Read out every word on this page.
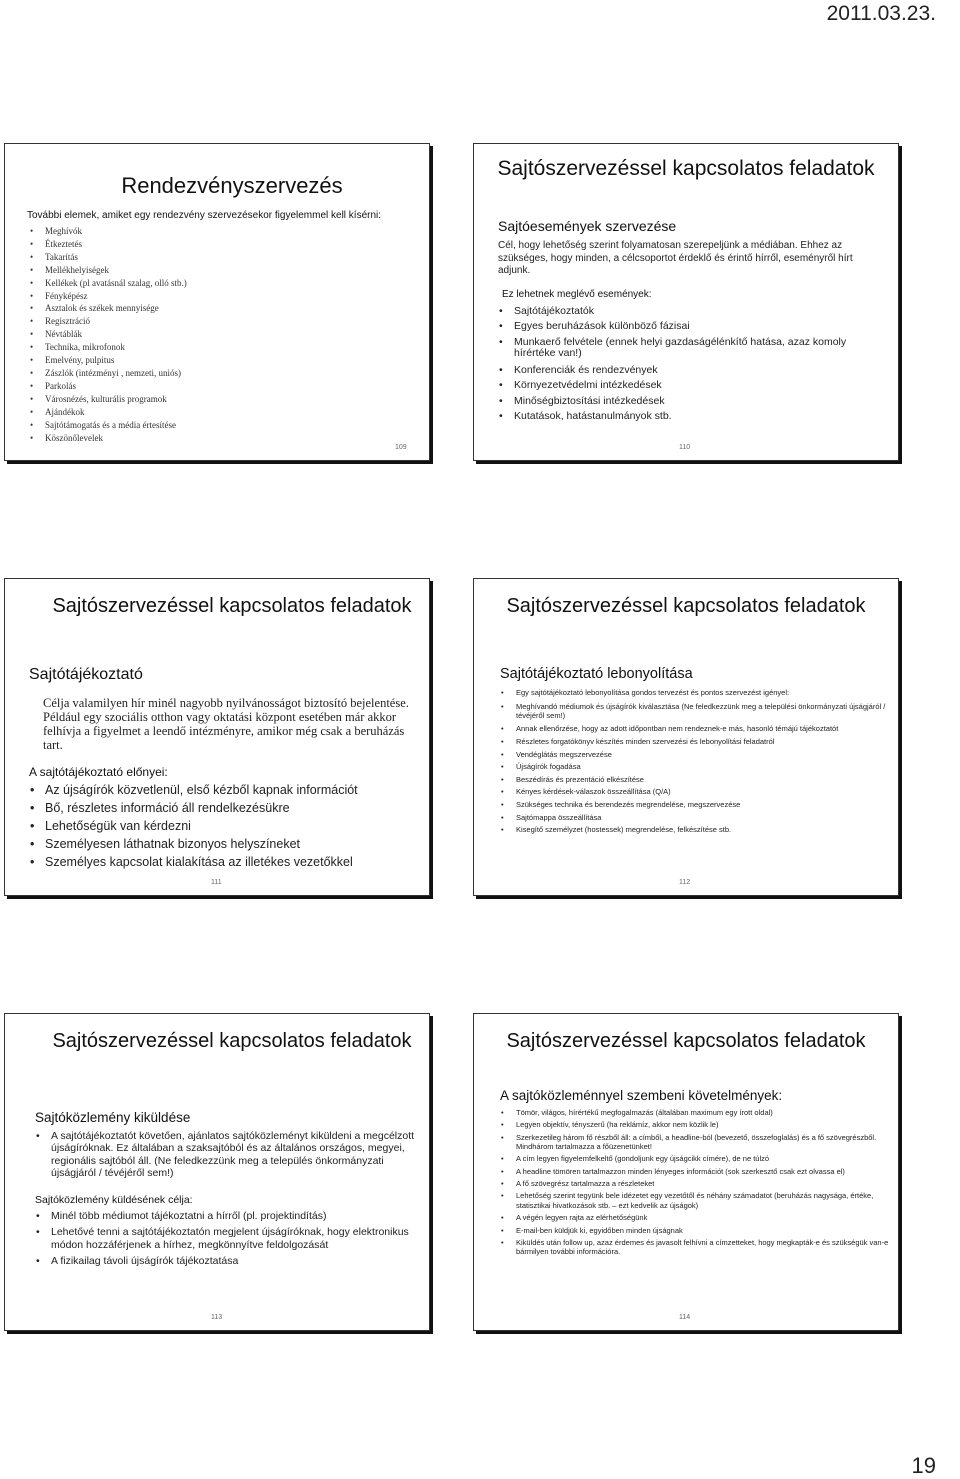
2011.03.23.
Rendezvényszervezés
További elemek, amiket egy rendezvény szervezésekor figyelemmel kell kísérni:
• Meghívók
• Étkeztetés
• Takarítás
• Mellékhelyiségek
• Kellékek (pl avatásnál szalag, olló stb.)
• Fényképész
• Asztalok és székek mennyisége
• Regisztráció
• Névtáblák
• Technika, mikrofonok
• Emelvény, pulpitus
• Zászlók (intézményi , nemzeti, uniós)
• Parkolás
• Városnézés, kulturális programok
• Ajándékok
• Sajtótámogatás és a média értesítése
• Köszönőlevelek
109
Sajtószervezéssel kapcsolatos feladatok
Sajtóesemények szervezése
Cél, hogy lehetőség szerint folyamatosan szerepeljünk a médiában. Ehhez az szükséges, hogy minden, a célcsoportot érdeklő és érintő hírről, eseményről hírt adjunk.
Ez lehetnek meglévő események:
• Sajtótájékoztatók
• Egyes beruházások különböző fázisai
• Munkaerő felvétele (ennek helyi gazdaságélénkítő hatása, azaz komoly hírértéke van!)
• Konferenciák és rendezvények
• Környezetvédelmi intézkedések
• Minőségbiztosítási intézkedések
• Kutatások, hatástanulmányok stb.
110
Sajtószervezéssel kapcsolatos feladatok
Sajtótájékoztató
Célja valamilyen hír minél nagyobb nyilvánosságot biztosító bejelentése. Például egy szociális otthon vagy oktatási központ esetében már akkor felhívja a figyelmet a leendő intézményre, amikor még csak a beruházás tart.
A sajtótájékoztató előnyei:
• Az újságírók közvetlenül, első kézből kapnak információt
• Bő, részletes információ áll rendelkezésükre
• Lehetőségük van kérdezni
• Személyesen láthatnak bizonyos helyszíneket
• Személyes kapcsolat kialakítása az illetékes vezetőkkel
111
Sajtószervezéssel kapcsolatos feladatok
Sajtótájékoztató lebonyolítása
• Egy sajtótájékoztató lebonyolítása gondos tervezést és pontos szervezést igényel:
• Meghívandó médiumok és újságírók kiválasztása (Ne feledkezzünk meg a települési önkormányzati újságjáról / tévéjéről sem!)
• Annak ellenőrzése, hogy az adott időpontban nem rendeznek-e más, hasonló témájú tájékoztatót
• Részletes forgatókönyv készítés minden szervezési és lebonyolítási feladatról
• Vendéglátás megszervezése
• Újságírók fogadása
• Beszédírás és prezentáció elkészítése
• Kényes kérdések-válaszok összeállítása (Q/A)
• Szükséges technika és berendezés megrendelése, megszervezése
• Sajtómappa összeállítása
• Kisegítő személyzet (hostessek) megrendelése, felkészítése stb.
112
Sajtószervezéssel kapcsolatos feladatok
Sajtóközlemény kiküldése
• A sajtótájékoztatót követően, ajánlatos sajtóközleményt kiküldeni a megcélzott újságíróknak. Ez általában a szaksajtóból és az általános országos, megyei, regionális sajtóból áll. (Ne feledkezzünk meg a település önkormányzati újságjáról / tévéjéről sem!)
Sajtóközlemény küldésének célja:
• Minél több médiumot tájékoztatni a hírről (pl. projektindítás)
• Lehetővé tenni a sajtótájékoztatón megjelent újságíróknak, hogy elektronikus módon hozzáférjenek a hírhez, megkönnyítve feldolgozását
• A fizikailag távoli újságírók tájékoztatása
113
Sajtószervezéssel kapcsolatos feladatok
A sajtóközleménnyel szembeni követelmények:
• Tömör, világos, hírértékű megfogalmazás (általában maximum egy írott oldal)
• Legyen objektív, tényszerű (ha reklámíz, akkor nem közlik le)
• Szerkezetileg három fő részből áll: a címből, a headline-ból (bevezető, összefoglalás) és a fő szövegrészből. Mindhárom tartalmazza a főüzenetünket!
• A cím legyen figyelemfelkeltő (gondoljunk egy újságcikk címére), de ne túlzó
• A headline tömören tartalmazzon minden lényeges információt (sok szerkesztő csak ezt olvassa el)
• A fő szövegrész tartalmazza a részleteket
• Lehetőség szerint tegyünk bele idézetet egy vezetőtől és néhány számadatot (beruházás nagysága, értéke, statisztikai hivatkozások stb. – ezt kedvelik az újságok)
• A végén legyen rajta az elérhetőségünk
• E-mail-ben küldjük ki, egyidőben minden újságnak
• Kiküldés után follow up, azaz érdemes és javasolt felhívni a címzetteket, hogy megkapták-e és szükségük van-e bármilyen további információra.
114
19
